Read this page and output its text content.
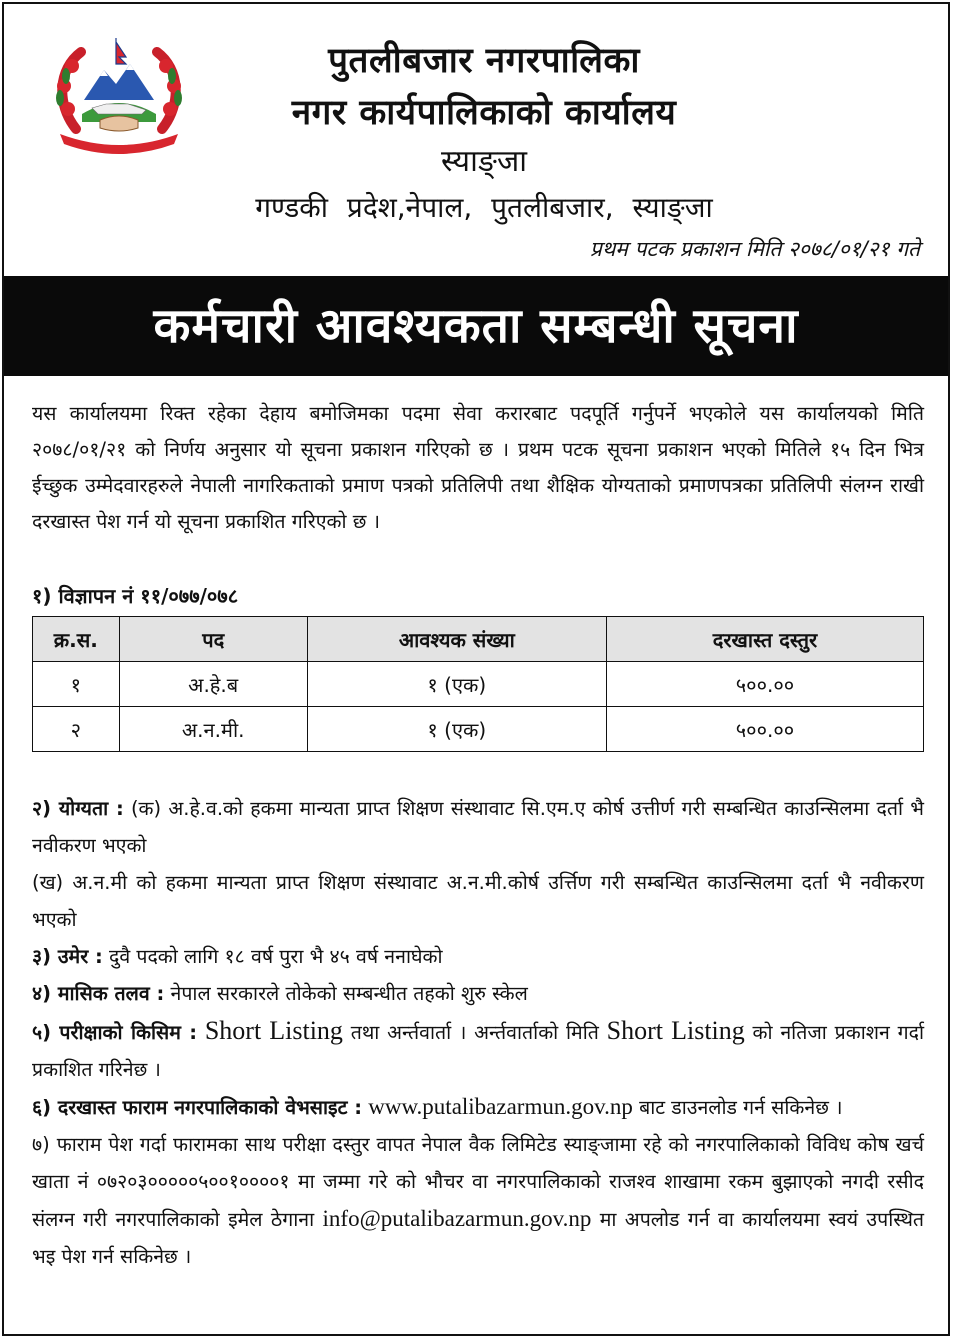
पुतलीबजार नगरपालिका
नगर कार्यपालिकाको कार्यालय
स्याङ्जा
गण्डकी प्रदेश,नेपाल, पुतलीबजार, स्याङ्जा
प्रथम पटक प्रकाशन मिति २०७८/०१/२१ गते
कर्मचारी आवश्यकता सम्बन्धी सूचना
यस कार्यालयमा रिक्त रहेका देहाय बमोजिमका पदमा सेवा करारबाट पदपूर्ति गर्नुपर्ने भएकोले यस कार्यालयको मिति २०७८/०१/२१ को निर्णय अनुसार यो सूचना प्रकाशन गरिएको छ । प्रथम पटक सूचना प्रकाशन भएको मितिले १५ दिन भित्र ईच्छुक उम्मेदवारहरुले नेपाली नागरिकताको प्रमाण पत्रको प्रतिलिपी तथा शैक्षिक योग्यताको प्रमाणपत्रका प्रतिलिपी संलग्न राखी दरखास्त पेश गर्न यो सूचना प्रकाशित गरिएको छ ।
१) विज्ञापन नं ११/०७७/०७८
क्र.स.	पद	आवश्यक संख्या	दरखास्त दस्तुर
१	अ.हे.ब	१ (एक)	५००.००
२	अ.न.मी.	१ (एक)	५००.००
२) योग्यता : (क) अ.हे.व.को हकमा मान्यता प्राप्त शिक्षण संस्थावाट सि.एम.ए कोर्ष उत्तीर्ण गरी सम्बन्धित काउन्सिलमा दर्ता भै नवीकरण भएको
(ख) अ.न.मी को हकमा मान्यता प्राप्त शिक्षण संस्थावाट अ.न.मी.कोर्ष उर्त्तिण गरी सम्बन्धित काउन्सिलमा दर्ता भै नवीकरण भएको
३) उमेर : दुवै पदको लागि १८ वर्ष पुरा भै ४५ वर्ष ननाघेको
४) मासिक तलव : नेपाल सरकारले तोकेको सम्बन्धीत तहको शुरु स्केल
५) परीक्षाको किसिम : Short Listing तथा अर्न्तवार्ता । अर्न्तवार्ताको मिति Short Listing को नतिजा प्रकाशन गर्दा प्रकाशित गरिनेछ ।
६) दरखास्त फाराम नगरपालिकाको वेभसाइट : www.putalibazarmun.gov.np बाट डाउनलोड गर्न सकिनेछ ।
७) फाराम पेश गर्दा फारामका साथ परीक्षा दस्तुर वापत नेपाल वैक लिमिटेड स्याङ्जामा रहे को नगरपालिकाको विविध कोष खर्च खाता नं ०७२०३०००००५००१००००१ मा जम्मा गरे को भौचर वा नगरपालिकाको राजश्व शाखामा रकम बुझाएको नगदी रसीद संलग्न गरी नगरपालिकाको इमेल ठेगाना info@putalibazarmun.gov.np मा अपलोड गर्न वा कार्यालयमा स्वयं उपस्थित भइ पेश गर्न सकिनेछ ।
